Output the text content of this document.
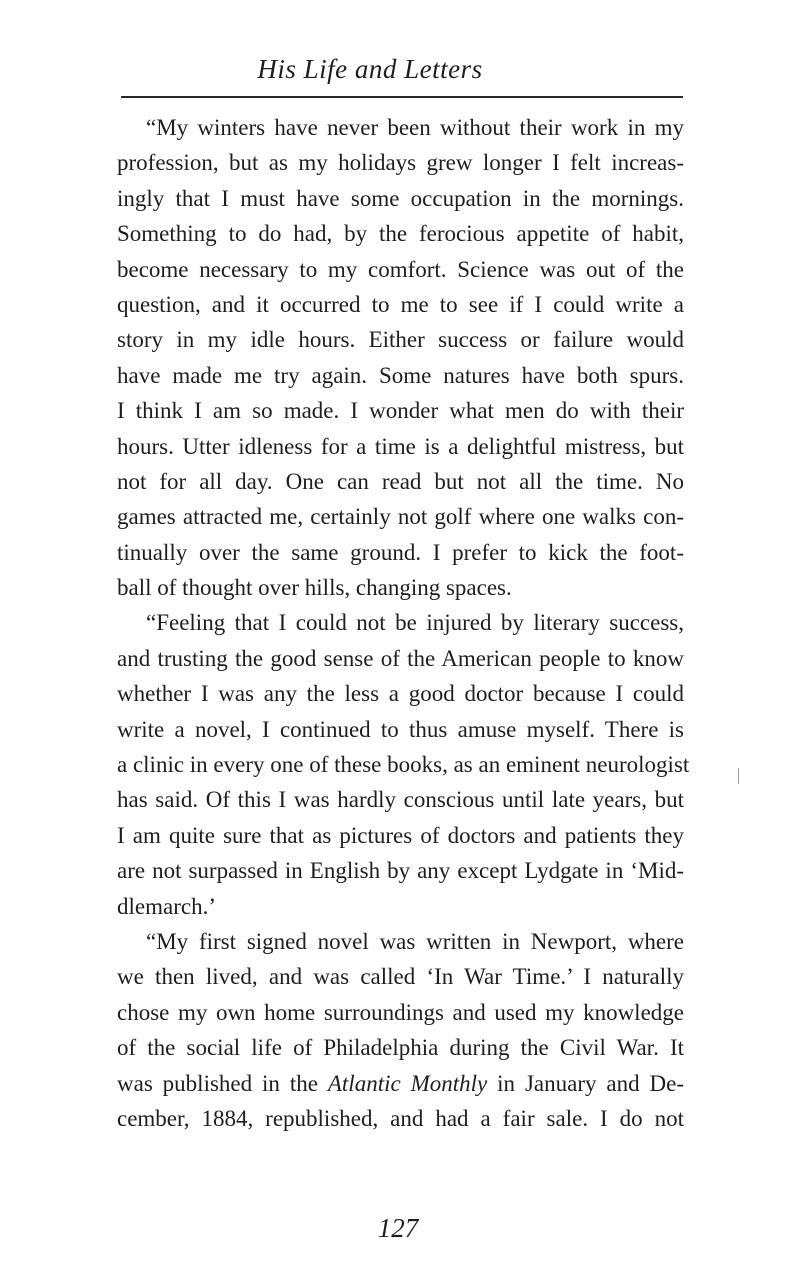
His Life and Letters
“My winters have never been without their work in my
profession, but as my holidays grew longer I felt increas-
ingly that I must have some occupation in the mornings.
Something to do had, by the ferocious appetite of habit,
become necessary to my comfort. Science was out of the
question, and it occurred to me to see if I could write a
story in my idle hours. Either success or failure would
have made me try again. Some natures have both spurs.
I think I am so made. I wonder what men do with their
hours. Utter idleness for a time is a delightful mistress, but
not for all day. One can read but not all the time. No
games attracted me, certainly not golf where one walks con-
tinually over the same ground. I prefer to kick the foot-
ball of thought over hills, changing spaces.
“Feeling that I could not be injured by literary success,
and trusting the good sense of the American people to know
whether I was any the less a good doctor because I could
write a novel, I continued to thus amuse myself. There is
a clinic in every one of these books, as an eminent neurologist
has said. Of this I was hardly conscious until late years, but
I am quite sure that as pictures of doctors and patients they
are not surpassed in English by any except Lydgate in ‘Mid-
dlemarch.’
“My first signed novel was written in Newport, where
we then lived, and was called ‘In War Time.’ I naturally
chose my own home surroundings and used my knowledge
of the social life of Philadelphia during the Civil War. It
was published in the Atlantic Monthly in January and De-
cember, 1884, republished, and had a fair sale. I do not
127
